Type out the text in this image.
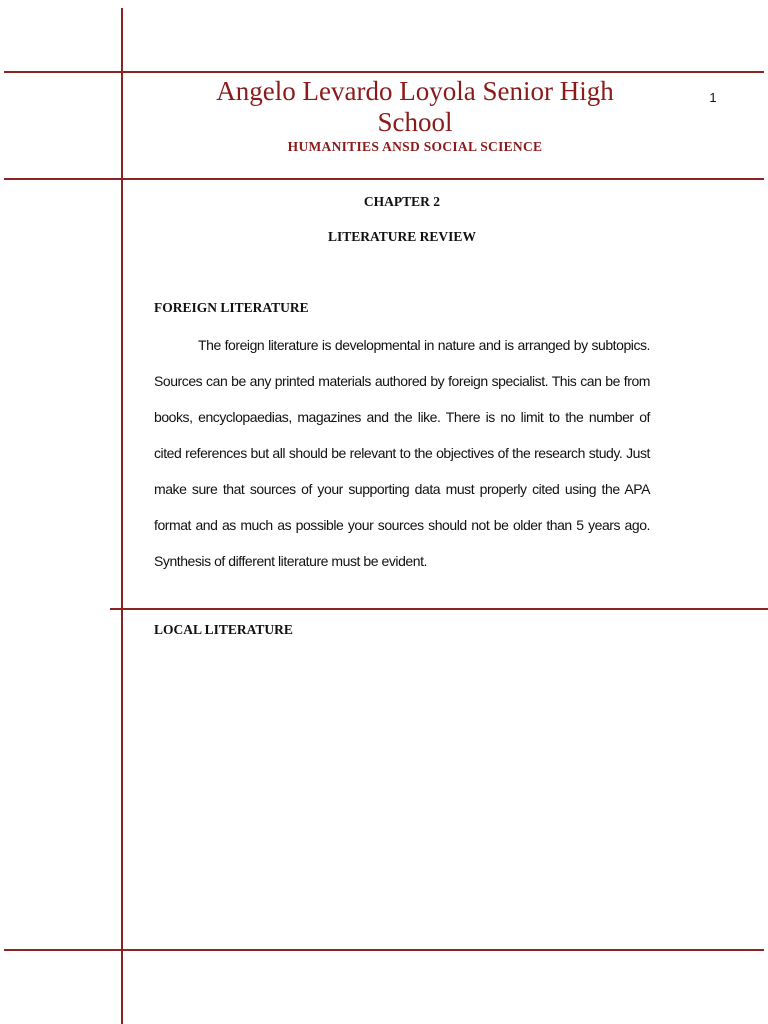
Angelo Levardo Loyola Senior High School
HUMANITIES ANSD SOCIAL SCIENCE
1
CHAPTER 2
LITERATURE REVIEW
FOREIGN LITERATURE

The foreign literature is developmental in nature and is arranged by subtopics. Sources can be any printed materials authored by foreign specialist. This can be from books, encyclopaedias, magazines and the like. There is no limit to the number of cited references but all should be relevant to the objectives of the research study. Just make sure that sources of your supporting data must properly cited using the APA format and as much as possible your sources should not be older than 5 years ago. Synthesis of different literature must be evident.

LOCAL LITERATURE
